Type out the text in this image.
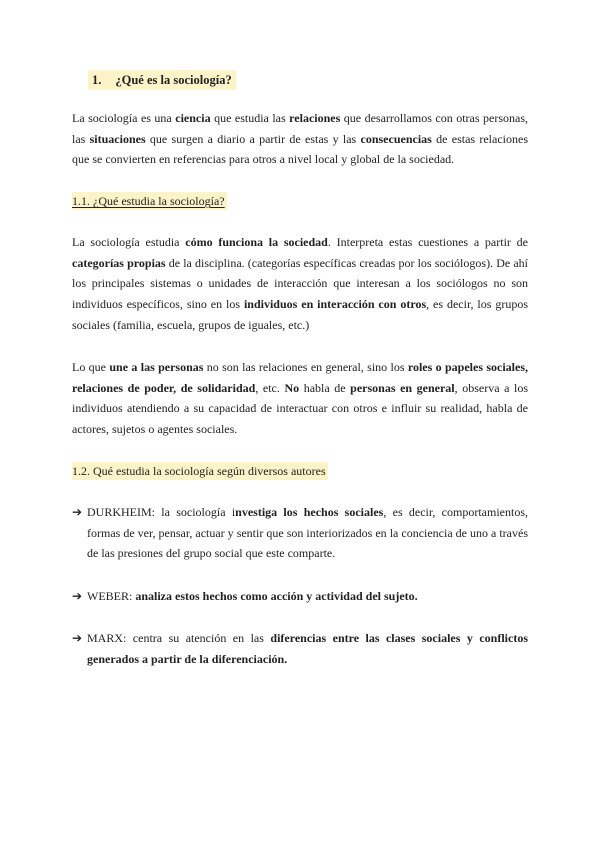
1. ¿Qué es la sociología?

La sociología es una ciencia que estudia las relaciones que desarrollamos con otras personas, las situaciones que surgen a diario a partir de estas y las consecuencias de estas relaciones que se convierten en referencias para otros a nivel local y global de la sociedad.

1.1. ¿Qué estudia la sociología?

La sociología estudia cómo funciona la sociedad. Interpreta estas cuestiones a partir de categorías propias de la disciplina. (categorías específicas creadas por los sociólogos). De ahí los principales sistemas o unidades de interacción que interesan a los sociólogos no son individuos específicos, sino en los individuos en interacción con otros, es decir, los grupos sociales (familia, escuela, grupos de iguales, etc.)

Lo que une a las personas no son las relaciones en general, sino los roles o papeles sociales, relaciones de poder, de solidaridad, etc. No habla de personas en general, observa a los individuos atendiendo a su capacidad de interactuar con otros e influir su realidad, habla de actores, sujetos o agentes sociales.

1.2. Qué estudia la sociología según diversos autores
➔ DURKHEIM: la sociología investiga los hechos sociales, es decir, comportamientos, formas de ver, pensar, actuar y sentir que son interiorizados en la conciencia de uno a través de las presiones del grupo social que este comparte.
➔ WEBER: analiza estos hechos como acción y actividad del sujeto.
➔ MARX: centra su atención en las diferencias entre las clases sociales y conflictos generados a partir de la diferenciación.
